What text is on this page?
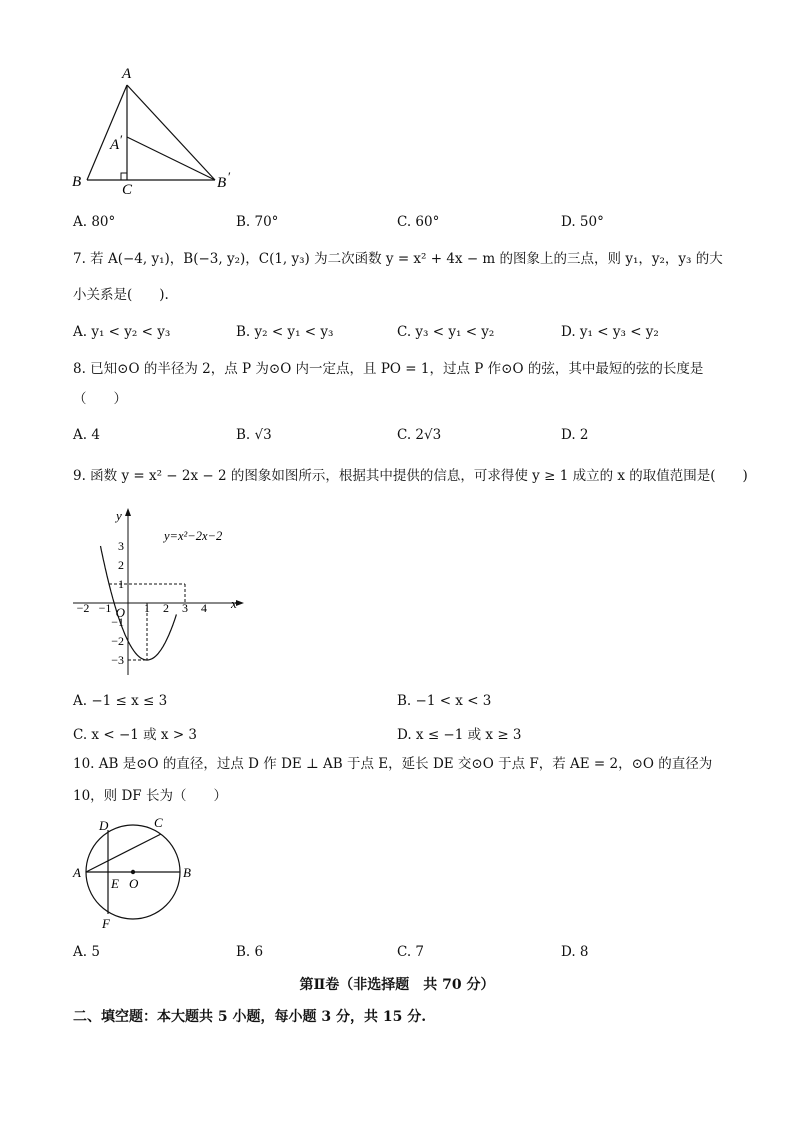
A
A ′
B	C	B ′
A. 80°	B. 70°	C. 60°	D. 50°
7. 若 A(−4, y₁)，B(−3, y₂)，C(1, y₃) 为二次函数 y = x² + 4x − m 的图象上的三点，则 y₁，y₂，y₃ 的大
小关系是(　　).
A. y₁ < y₂ < y₃	B. y₂ < y₁ < y₃	C. y₃ < y₁ < y₂	D. y₁ < y₃ < y₂
8. 已知⊙O 的半径为 2，点 P 为⊙O 内一定点，且 PO = 1，过点 P 作⊙O 的弦，其中最短的弦的长度是
（　　）
A. 4	B. √3	C. 2√3	D. 2
9. 函数 y = x² − 2x − 2 的图象如图所示，根据其中提供的信息，可求得使 y ≥ 1 成立的 x 的取值范围是(　　)
y
x
y=x²−2x−2
O
−2 −1	1 2 3 4
3
2
1
−1
−2
−3
A. −1 ≤ x ≤ 3	B. −1 < x < 3
C. x < −1 或 x > 3	D. x ≤ −1 或 x ≥ 3
10. AB 是⊙O 的直径，过点 D 作 DE ⊥ AB 于点 E，延长 DE 交⊙O 于点 F，若 AE = 2，⊙O 的直径为
10，则 DF 长为（　　）
D	C
A	B
E O
F
A. 5	B. 6	C. 7	D. 8
第Ⅱ卷（非选择题　共 70 分）
二、填空题：本大题共 5 小题，每小题 3 分，共 15 分.
